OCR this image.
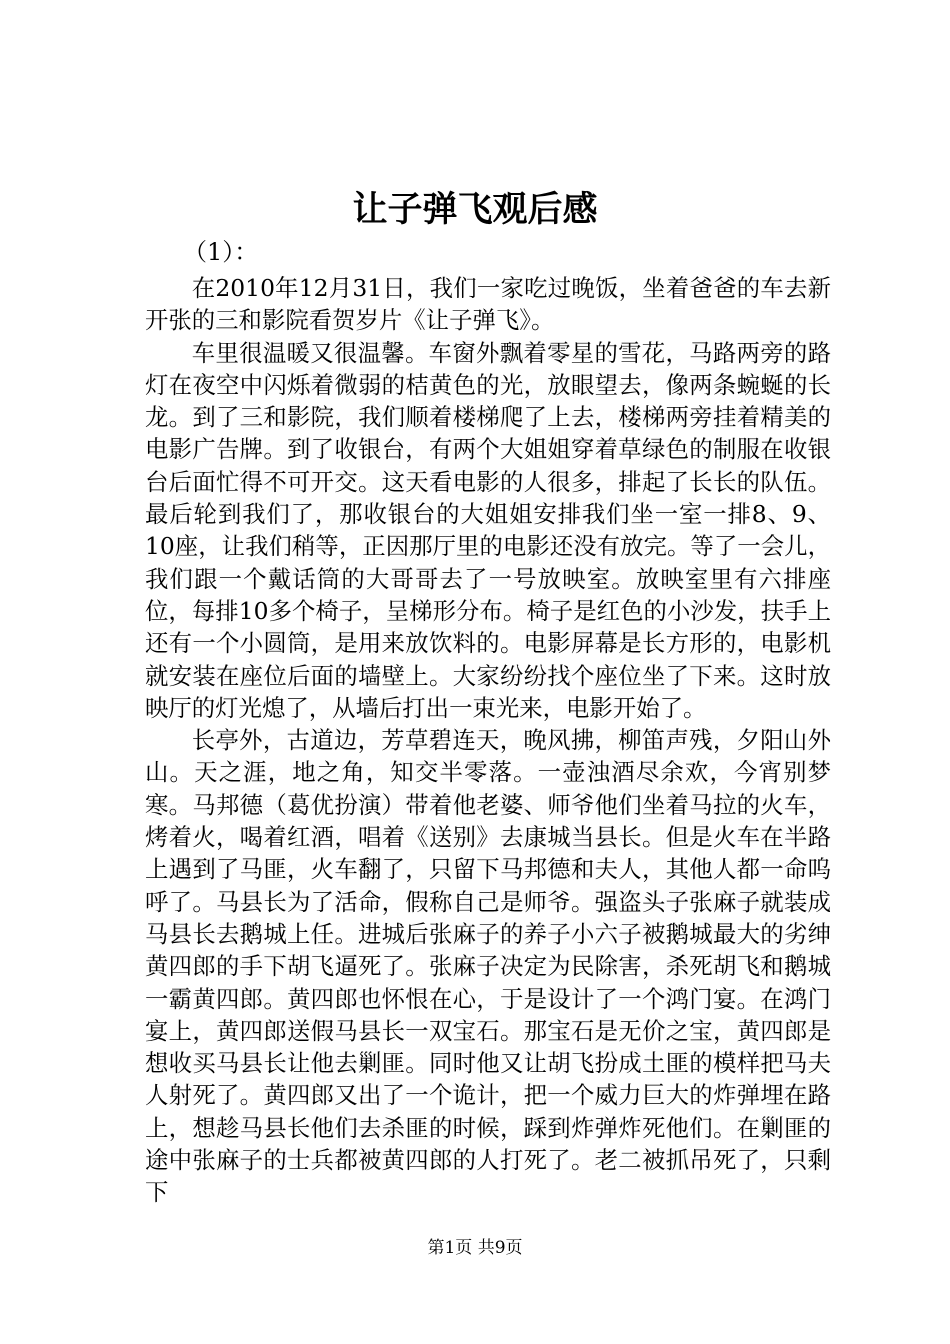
让子弹飞观后感
（1）：

在2010年12月31日，我们一家吃过晚饭，坐着爸爸的车去新开张的三和影院看贺岁片《让子弹飞》。

车里很温暖又很温馨。车窗外飘着零星的雪花，马路两旁的路灯在夜空中闪烁着微弱的桔黄色的光，放眼望去，像两条蜿蜒的长龙。到了三和影院，我们顺着楼梯爬了上去，楼梯两旁挂着精美的电影广告牌。到了收银台，有两个大姐姐穿着草绿色的制服在收银台后面忙得不可开交。这天看电影的人很多，排起了长长的队伍。最后轮到我们了，那收银台的大姐姐安排我们坐一室一排8、9、10座，让我们稍等，正因那厅里的电影还没有放完。等了一会儿，我们跟一个戴话筒的大哥哥去了一号放映室。放映室里有六排座位，每排10多个椅子，呈梯形分布。椅子是红色的小沙发，扶手上还有一个小圆筒，是用来放饮料的。电影屏幕是长方形的，电影机就安装在座位后面的墙壁上。大家纷纷找个座位坐了下来。这时放映厅的灯光熄了，从墙后打出一束光来，电影开始了。

长亭外，古道边，芳草碧连天，晚风拂，柳笛声残，夕阳山外山。天之涯，地之角，知交半零落。一壶浊酒尽余欢，今宵别梦寒。马邦德（葛优扮演）带着他老婆、师爷他们坐着马拉的火车，烤着火，喝着红酒，唱着《送别》去康城当县长。但是火车在半路上遇到了马匪，火车翻了，只留下马邦德和夫人，其他人都一命呜呼了。马县长为了活命，假称自己是师爷。强盗头子张麻子就装成马县长去鹅城上任。进城后张麻子的养子小六子被鹅城最大的劣绅黄四郎的手下胡飞逼死了。张麻子决定为民除害，杀死胡飞和鹅城一霸黄四郎。黄四郎也怀恨在心，于是设计了一个鸿门宴。在鸿门宴上，黄四郎送假马县长一双宝石。那宝石是无价之宝，黄四郎是想收买马县长让他去剿匪。同时他又让胡飞扮成土匪的模样把马夫人射死了。黄四郎又出了一个诡计，把一个威力巨大的炸弹埋在路上，想趁马县长他们去杀匪的时候，踩到炸弹炸死他们。在剿匪的途中张麻子的士兵都被黄四郎的人打死了。老二被抓吊死了，只剩下

第1页 共9页
